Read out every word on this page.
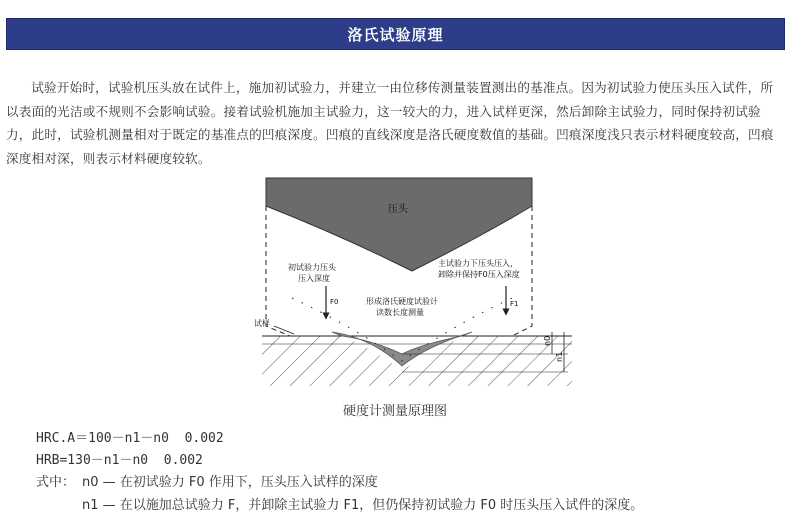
洛氏试验原理

试验开始时，试验机压头放在试件上，施加初试验力，并建立一由位移传测量装置测出的基准点。因为初试验力使压头压入试件，所以表面的光洁或不规则不会影响试验。接着试验机施加主试验力，这一较大的力，进入试样更深，然后卸除主试验力，同时保持初试验力，此时，试验机测量相对于既定的基准点的凹痕深度。凹痕的直线深度是洛氏硬度数值的基础。凹痕深度浅只表示材料硬度较高，凹痕深度相对深，则表示材料硬度较软。

压头
初试验力压头
压入深度
主试验力下压头压入，
卸除并保持F0压入深度
形成洛氏硬度试验计
读数长度测量
F0	F1
试样
n0
n1
硬度计测量原理图
HRC.A＝100－n1－n0  0.002
HRB=130－n1－n0  0.002
式中： n0 — 在初试验力 F0 作用下，压头压入试样的深度
n1 — 在以施加总试验力 F，并卸除主试验力 F1，但仍保持初试验力 F0 时压头压入试件的深度。
